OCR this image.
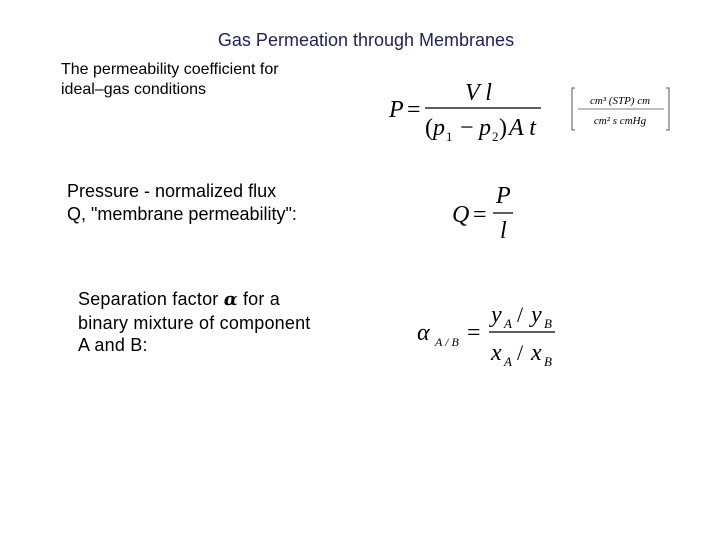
Gas Permeation through Membranes
The permeability coefficient for
ideal–gas conditions
Pressure - normalized flux
Q, "membrane permeability":
Separation factor α for a
binary mixture of component
A and B:
P =
V l
( p 1 − p 2 ) A t
cm³ (STP) cm
cm² s cmHg
Q =
P
l
α A / B =
y A / y B
x A / x B
